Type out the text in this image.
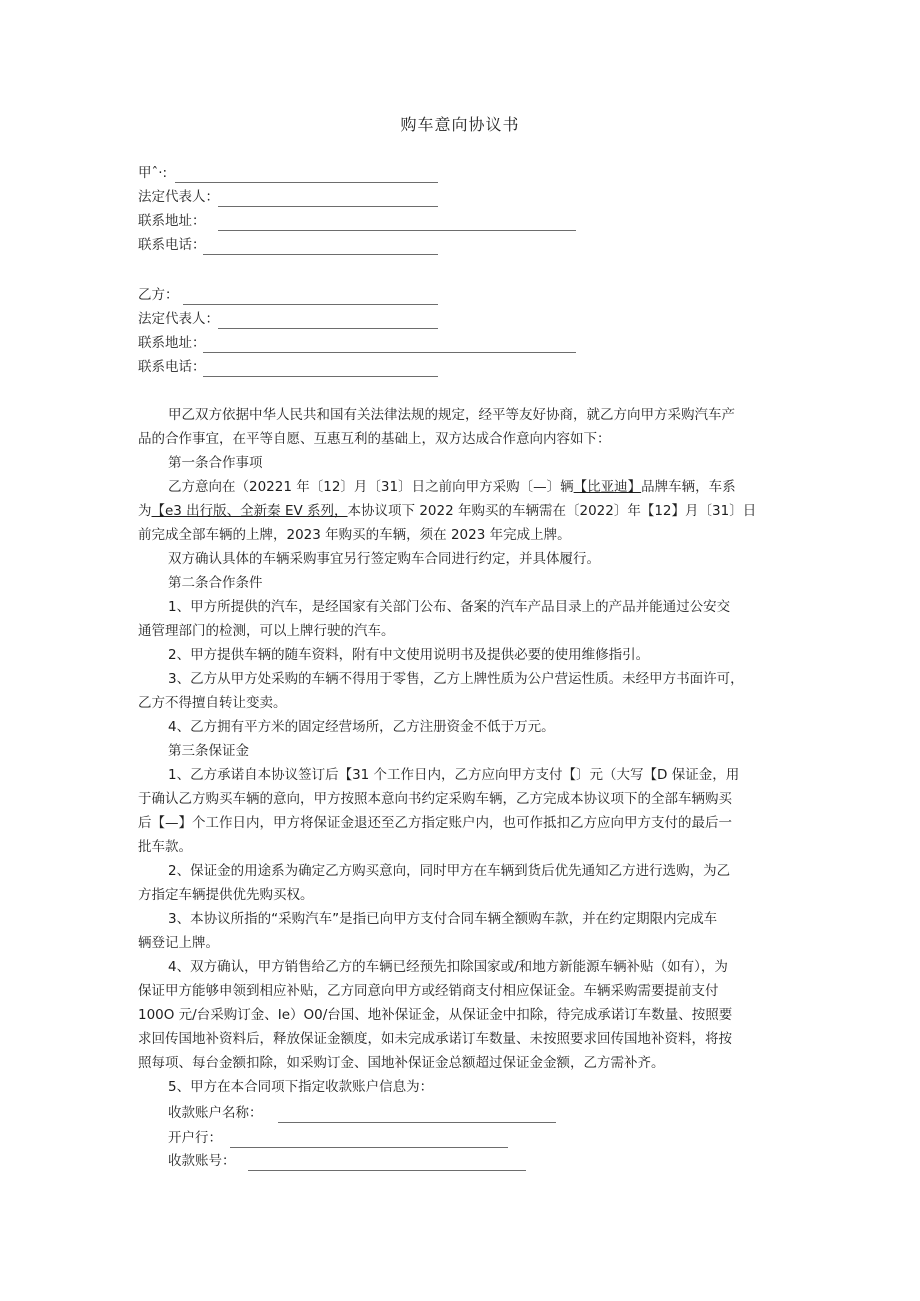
购车意向协议书
甲ˆ·:
法定代表人：
联系地址：
联系电话：
乙方：
法定代表人：
联系地址：
联系电话：
甲乙双方依据中华人民共和国有关法律法规的规定，经平等友好协商，就乙方向甲方采购汽车产
品的合作事宜，在平等自愿、互惠互利的基础上，双方达成合作意向内容如下：
第一条合作事项
乙方意向在（20221 年〔12〕月〔31〕日之前向甲方采购〔—〕辆【比亚迪】品牌车辆，车系
为【e3 出行版、全新秦 EV 系列，本协议项下 2022 年购买的车辆需在〔2022〕年【12】月〔31〕日
前完成全部车辆的上牌，2023 年购买的车辆，须在 2023 年完成上牌。
双方确认具体的车辆采购事宜另行签定购车合同进行约定，并具体履行。
第二条合作条件
1、甲方所提供的汽车，是经国家有关部门公布、备案的汽车产品目录上的产品并能通过公安交
通管理部门的检测，可以上牌行驶的汽车。
2、甲方提供车辆的随车资料，附有中文使用说明书及提供必要的使用维修指引。
3、乙方从甲方处采购的车辆不得用于零售，乙方上牌性质为公户营运性质。未经甲方书面许可，
乙方不得擅自转让变卖。
4、乙方拥有平方米的固定经营场所，乙方注册资金不低于万元。
第三条保证金
1、乙方承诺自本协议签订后【31 个工作日内，乙方应向甲方支付【〕元（大写【D 保证金，用
于确认乙方购买车辆的意向，甲方按照本意向书约定采购车辆，乙方完成本协议项下的全部车辆购买
后【—】个工作日内，甲方将保证金退还至乙方指定账户内，也可作抵扣乙方应向甲方支付的最后一
批车款。
2、保证金的用途系为确定乙方购买意向，同时甲方在车辆到货后优先通知乙方进行选购，为乙
方指定车辆提供优先购买权。
3、本协议所指的“采购汽车”是指已向甲方支付合同车辆全额购车款，并在约定期限内完成车
辆登记上牌。
4、双方确认，甲方销售给乙方的车辆已经预先扣除国家或/和地方新能源车辆补贴（如有），为
保证甲方能够申领到相应补贴，乙方同意向甲方或经销商支付相应保证金。车辆采购需要提前支付
100O 元/台采购订金、Ie）O0/台国、地补保证金，从保证金中扣除，待完成承诺订车数量、按照要
求回传国地补资料后，释放保证金额度，如未完成承诺订车数量、未按照要求回传国地补资料，将按
照每项、每台金额扣除，如采购订金、国地补保证金总额超过保证金金额，乙方需补齐。
5、甲方在本合同项下指定收款账户信息为：
收款账户名称：
开户行：
收款账号：
